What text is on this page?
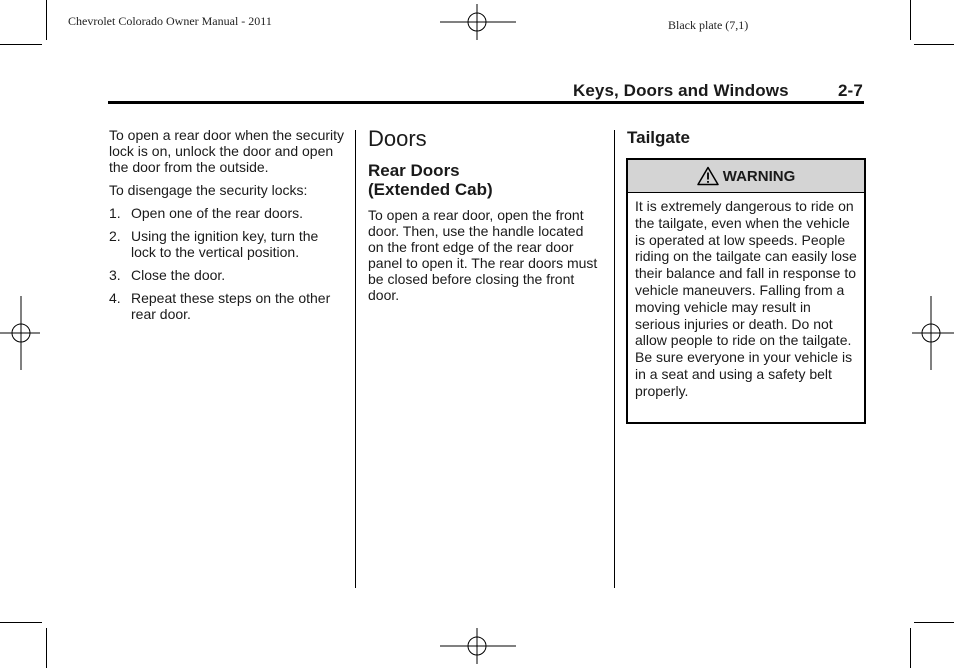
Chevrolet Colorado Owner Manual - 2011	Black plate (7,1)
Keys, Doors and Windows	2-7

To open a rear door when the security lock is on, unlock the door and open the door from the outside.

To disengage the security locks:

1. Open one of the rear doors.
2. Using the ignition key, turn the lock to the vertical position.
3. Close the door.
4. Repeat these steps on the other rear door.
Doors
Rear Doors (Extended Cab)

To open a rear door, open the front door. Then, use the handle located on the front edge of the rear door panel to open it. The rear doors must be closed before closing the front door.

Tailgate
WARNING

It is extremely dangerous to ride on the tailgate, even when the vehicle is operated at low speeds. People riding on the tailgate can easily lose their balance and fall in response to vehicle maneuvers. Falling from a moving vehicle may result in serious injuries or death. Do not allow people to ride on the tailgate.

Be sure everyone in your vehicle is in a seat and using a safety belt properly.
